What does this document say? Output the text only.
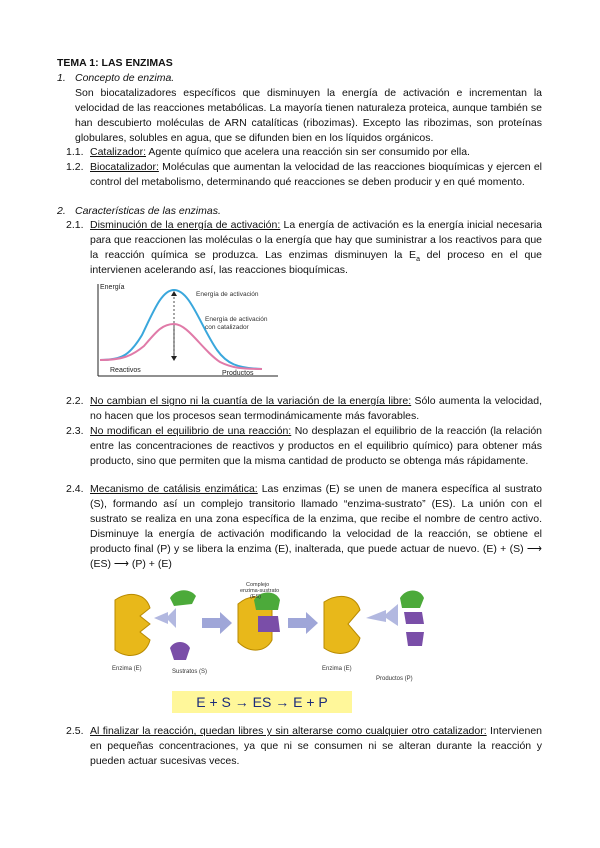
TEMA 1: LAS ENZIMAS
1. Concepto de enzima.
Son biocatalizadores específicos que disminuyen la energía de activación e incrementan la velocidad de las reacciones metabólicas. La mayoría tienen naturaleza proteica, aunque también se han descubierto moléculas de ARN catalíticas (ribozimas). Excepto las ribozimas, son proteínas globulares, solubles en agua, que se difunden bien en los líquidos orgánicos.
1.1. Catalizador: Agente químico que acelera una reacción sin ser consumido por ella.
1.2. Biocatalizador: Moléculas que aumentan la velocidad de las reacciones bioquímicas y ejercen el control del metabolismo, determinando qué reacciones se deben producir y en qué momento.
2. Características de las enzimas.
2.1. Disminución de la energía de activación: La energía de activación es la energía inicial necesaria para que reaccionen las moléculas o la energía que hay que suministrar a los reactivos para que la reacción química se produzca. Las enzimas disminuyen la $E_a$ del proceso en el que intervienen acelerando así, las reacciones bioquímicas.
Energía
Energía de activación
Energía de activación
con catalizador
Reactivos	Productos
2.2. No cambian el signo ni la cuantía de la variación de la energía libre: Sólo aumenta la velocidad, no hacen que los procesos sean termodinámicamente más favorables.
2.3. No modifican el equilibrio de una reacción: No desplazan el equilibrio de la reacción (la relación entre las concentraciones de reactivos y productos en el equilibrio químico) para obtener más producto, sino que permiten que la misma cantidad de producto se obtenga más rápidamente.
2.4. Mecanismo de catálisis enzimática: Las enzimas (E) se unen de manera específica al sustrato (S), formando así un complejo transitorio llamado “enzima-sustrato” (ES). La unión con el sustrato se realiza en una zona específica de la enzima, que recibe el nombre de centro activo. Disminuye la energía de activación modificando la velocidad de la reacción, se obtiene el producto final (P) y se libera la enzima (E), inalterada, que puede actuar de nuevo. (E) + (S) ⟶ (ES) ⟶ (P) + (E)
Complejo
enzima-sustrato
(ES)
Enzima (E)	Sustratos (S)	Enzima (E)
Productos (P)
E + S → ES → E + P
2.5. Al finalizar la reacción, quedan libres y sin alterarse como cualquier otro catalizador: Intervienen en pequeñas concentraciones, ya que ni se consumen ni se alteran durante la reacción y pueden actuar sucesivas veces.
